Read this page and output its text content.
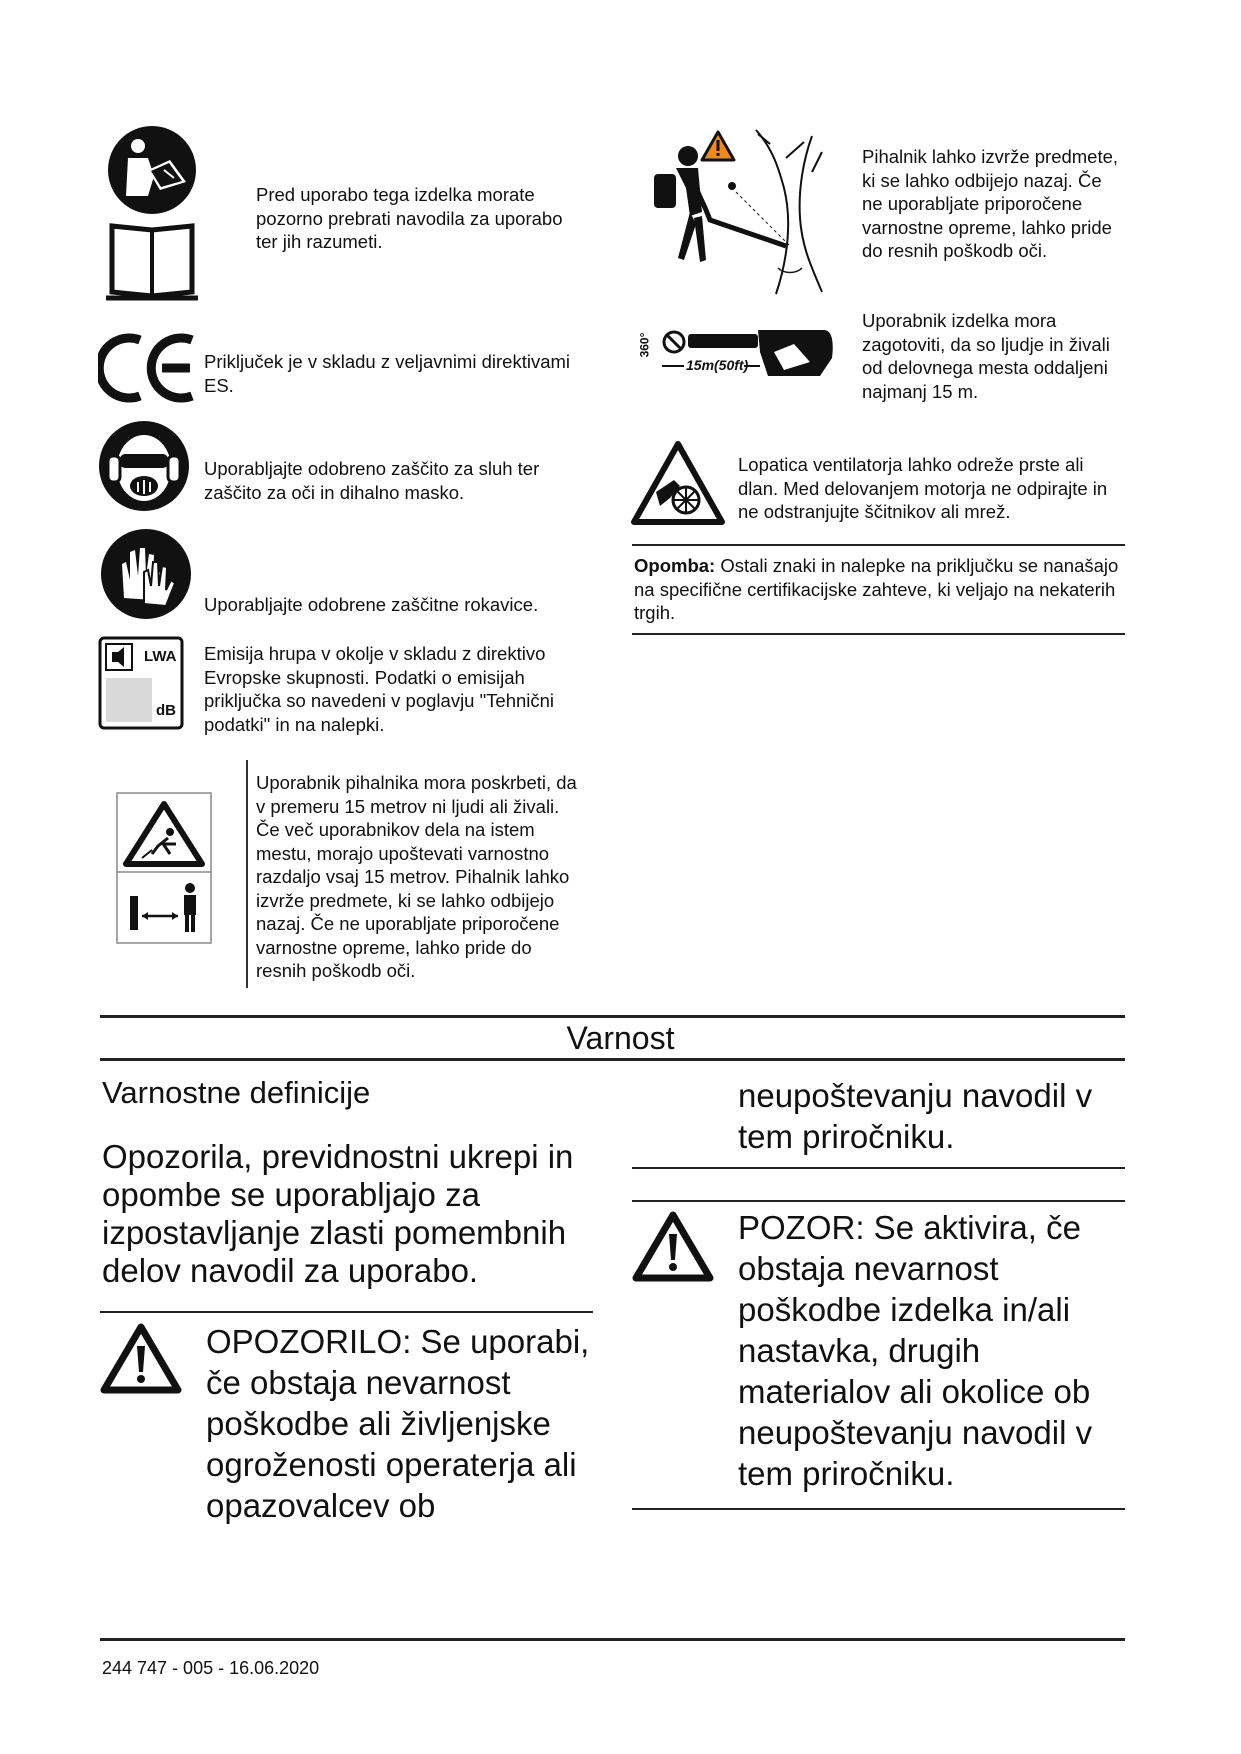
Pred uporabo tega izdelka morate pozorno prebrati navodila za uporabo ter jih razumeti.
Priključek je v skladu z veljavnimi direktivami ES.
Uporabljajte odobreno zaščito za sluh ter zaščito za oči in dihalno masko.
Uporabljajte odobrene zaščitne rokavice.
LWA
dB
Emisija hrupa v okolje v skladu z direktivo Evropske skupnosti. Podatki o emisijah priključka so navedeni v poglavju "Tehnični podatki" in na nalepki.
Uporabnik pihalnika mora poskrbeti, da v premeru 15 metrov ni ljudi ali živali. Če več uporabnikov dela na istem mestu, morajo upoštevati varnostno razdaljo vsaj 15 metrov. Pihalnik lahko izvrže predmete, ki se lahko odbijejo nazaj. Če ne uporabljate priporočene varnostne opreme, lahko pride do resnih poškodb oči.
Pihalnik lahko izvrže predmete, ki se lahko odbijejo nazaj. Če ne uporabljate priporočene varnostne opreme, lahko pride do resnih poškodb oči.
360°
15m(50ft)
Uporabnik izdelka mora zagotoviti, da so ljudje in živali od delovnega mesta oddaljeni najmanj 15 m.
Lopatica ventilatorja lahko odreže prste ali dlan. Med delovanjem motorja ne odpirajte in ne odstranjujte ščitnikov ali mrež.
Opomba: Ostali znaki in nalepke na priključku se nanašajo na specifične certifikacijske zahteve, ki veljajo na nekaterih trgih.
Varnost
Varnostne definicije
Opozorila, previdnostni ukrepi in opombe se uporabljajo za izpostavljanje zlasti pomembnih delov navodil za uporabo.
OPOZORILO: Se uporabi, če obstaja nevarnost poškodbe ali življenjske ogroženosti operaterja ali opazovalcev ob
neupoštevanju navodil v tem priročniku.
POZOR: Se aktivira, če obstaja nevarnost poškodbe izdelka in/ali nastavka, drugih materialov ali okolice ob neupoštevanju navodil v tem priročniku.
244 747 - 005 - 16.06.2020
